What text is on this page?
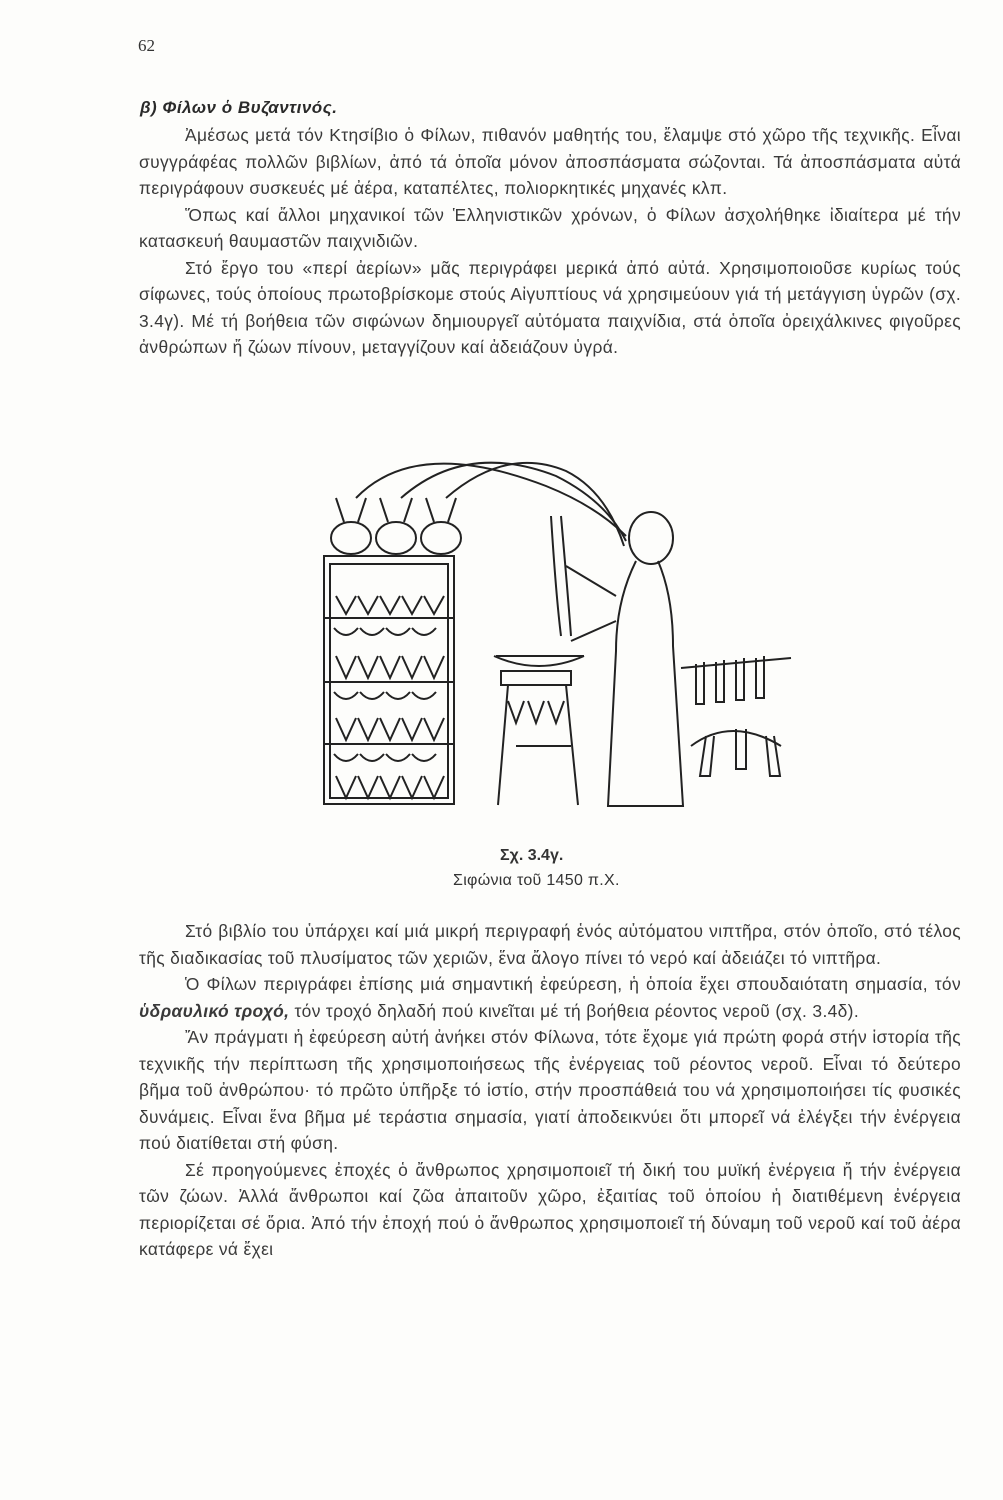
62
β) Φίλων ὁ Βυζαντινός.

Ἀμέσως μετά τόν Κτησίβιο ὁ Φίλων, πιθανόν μαθητής του, ἔλαμψε στό χῶρο τῆς τεχνικῆς. Εἶναι συγγράφέας πολλῶν βιβλίων, ἀπό τά ὁποῖα μόνον ἀποσπάσματα σώζονται. Τά ἀποσπάσματα αὐτά περιγράφουν συσκευές μέ ἀέρα, καταπέλτες, πολιορκητικές μηχανές κλπ.

Ὅπως καί ἄλλοι μηχανικοί τῶν Ἑλληνιστικῶν χρόνων, ὁ Φίλων ἀσχολήθηκε ἰδιαίτερα μέ τήν κατασκευή θαυμαστῶν παιχνιδιῶν.

Στό ἔργο του «περί ἀερίων» μᾶς περιγράφει μερικά ἀπό αὐτά. Χρησιμοποιοῦσε κυρίως τούς σίφωνες, τούς ὁποίους πρωτοβρίσκομε στούς Αἰγυπτίους νά χρησιμεύουν γιά τή μετάγγιση ὑγρῶν (σχ. 3.4γ). Μέ τή βοήθεια τῶν σιφώνων δημιουργεῖ αὐτόματα παιχνίδια, στά ὁποῖα ὀρειχάλκινες φιγοῦρες ἀνθρώπων ἤ ζώων πίνουν, μεταγγίζουν καί ἀδειάζουν ὑγρά.

Σχ. 3.4γ.
Σιφώνια τοῦ 1450 π.Χ.

Στό βιβλίο του ὑπάρχει καί μιά μικρή περιγραφή ἑνός αὐτόματου νιπτῆρα, στόν ὁποῖο, στό τέλος τῆς διαδικασίας τοῦ πλυσίματος τῶν χεριῶν, ἕνα ἄλογο πίνει τό νερό καί ἀδειάζει τό νιπτῆρα.

Ὁ Φίλων περιγράφει ἐπίσης μιά σημαντική ἐφεύρεση, ἡ ὁποία ἔχει σπουδαιότατη σημασία, τόν ὑδραυλικό τροχό, τόν τροχό δηλαδή πού κινεῖται μέ τή βοήθεια ρέοντος νεροῦ (σχ. 3.4δ).

Ἄν πράγματι ἡ ἐφεύρεση αὐτή ἀνήκει στόν Φίλωνα, τότε ἔχομε γιά πρώτη φορά στήν ἱστορία τῆς τεχνικῆς τήν περίπτωση τῆς χρησιμοποιήσεως τῆς ἐνέργειας τοῦ ρέοντος νεροῦ. Εἶναι τό δεύτερο βῆμα τοῦ ἀνθρώπου· τό πρῶτο ὑπῆρξε τό ἱστίο, στήν προσπάθειά του νά χρησιμοποιήσει τίς φυσικές δυνάμεις. Εἶναι ἕνα βῆμα μέ τεράστια σημασία, γιατί ἀποδεικνύει ὅτι μπορεῖ νά ἐλέγξει τήν ἐνέργεια πού διατίθεται στή φύση.

Σέ προηγούμενες ἐποχές ὁ ἄνθρωπος χρησιμοποιεῖ τή δική του μυϊκή ἐνέργεια ἤ τήν ἐνέργεια τῶν ζώων. Ἀλλά ἄνθρωποι καί ζῶα ἀπαιτοῦν χῶρο, ἐξαιτίας τοῦ ὁποίου ἡ διατιθέμενη ἐνέργεια περιορίζεται σέ ὅρια. Ἀπό τήν ἐποχή πού ὁ ἄνθρωπος χρησιμοποιεῖ τή δύναμη τοῦ νεροῦ καί τοῦ ἀέρα κατάφερε νά ἔχει
